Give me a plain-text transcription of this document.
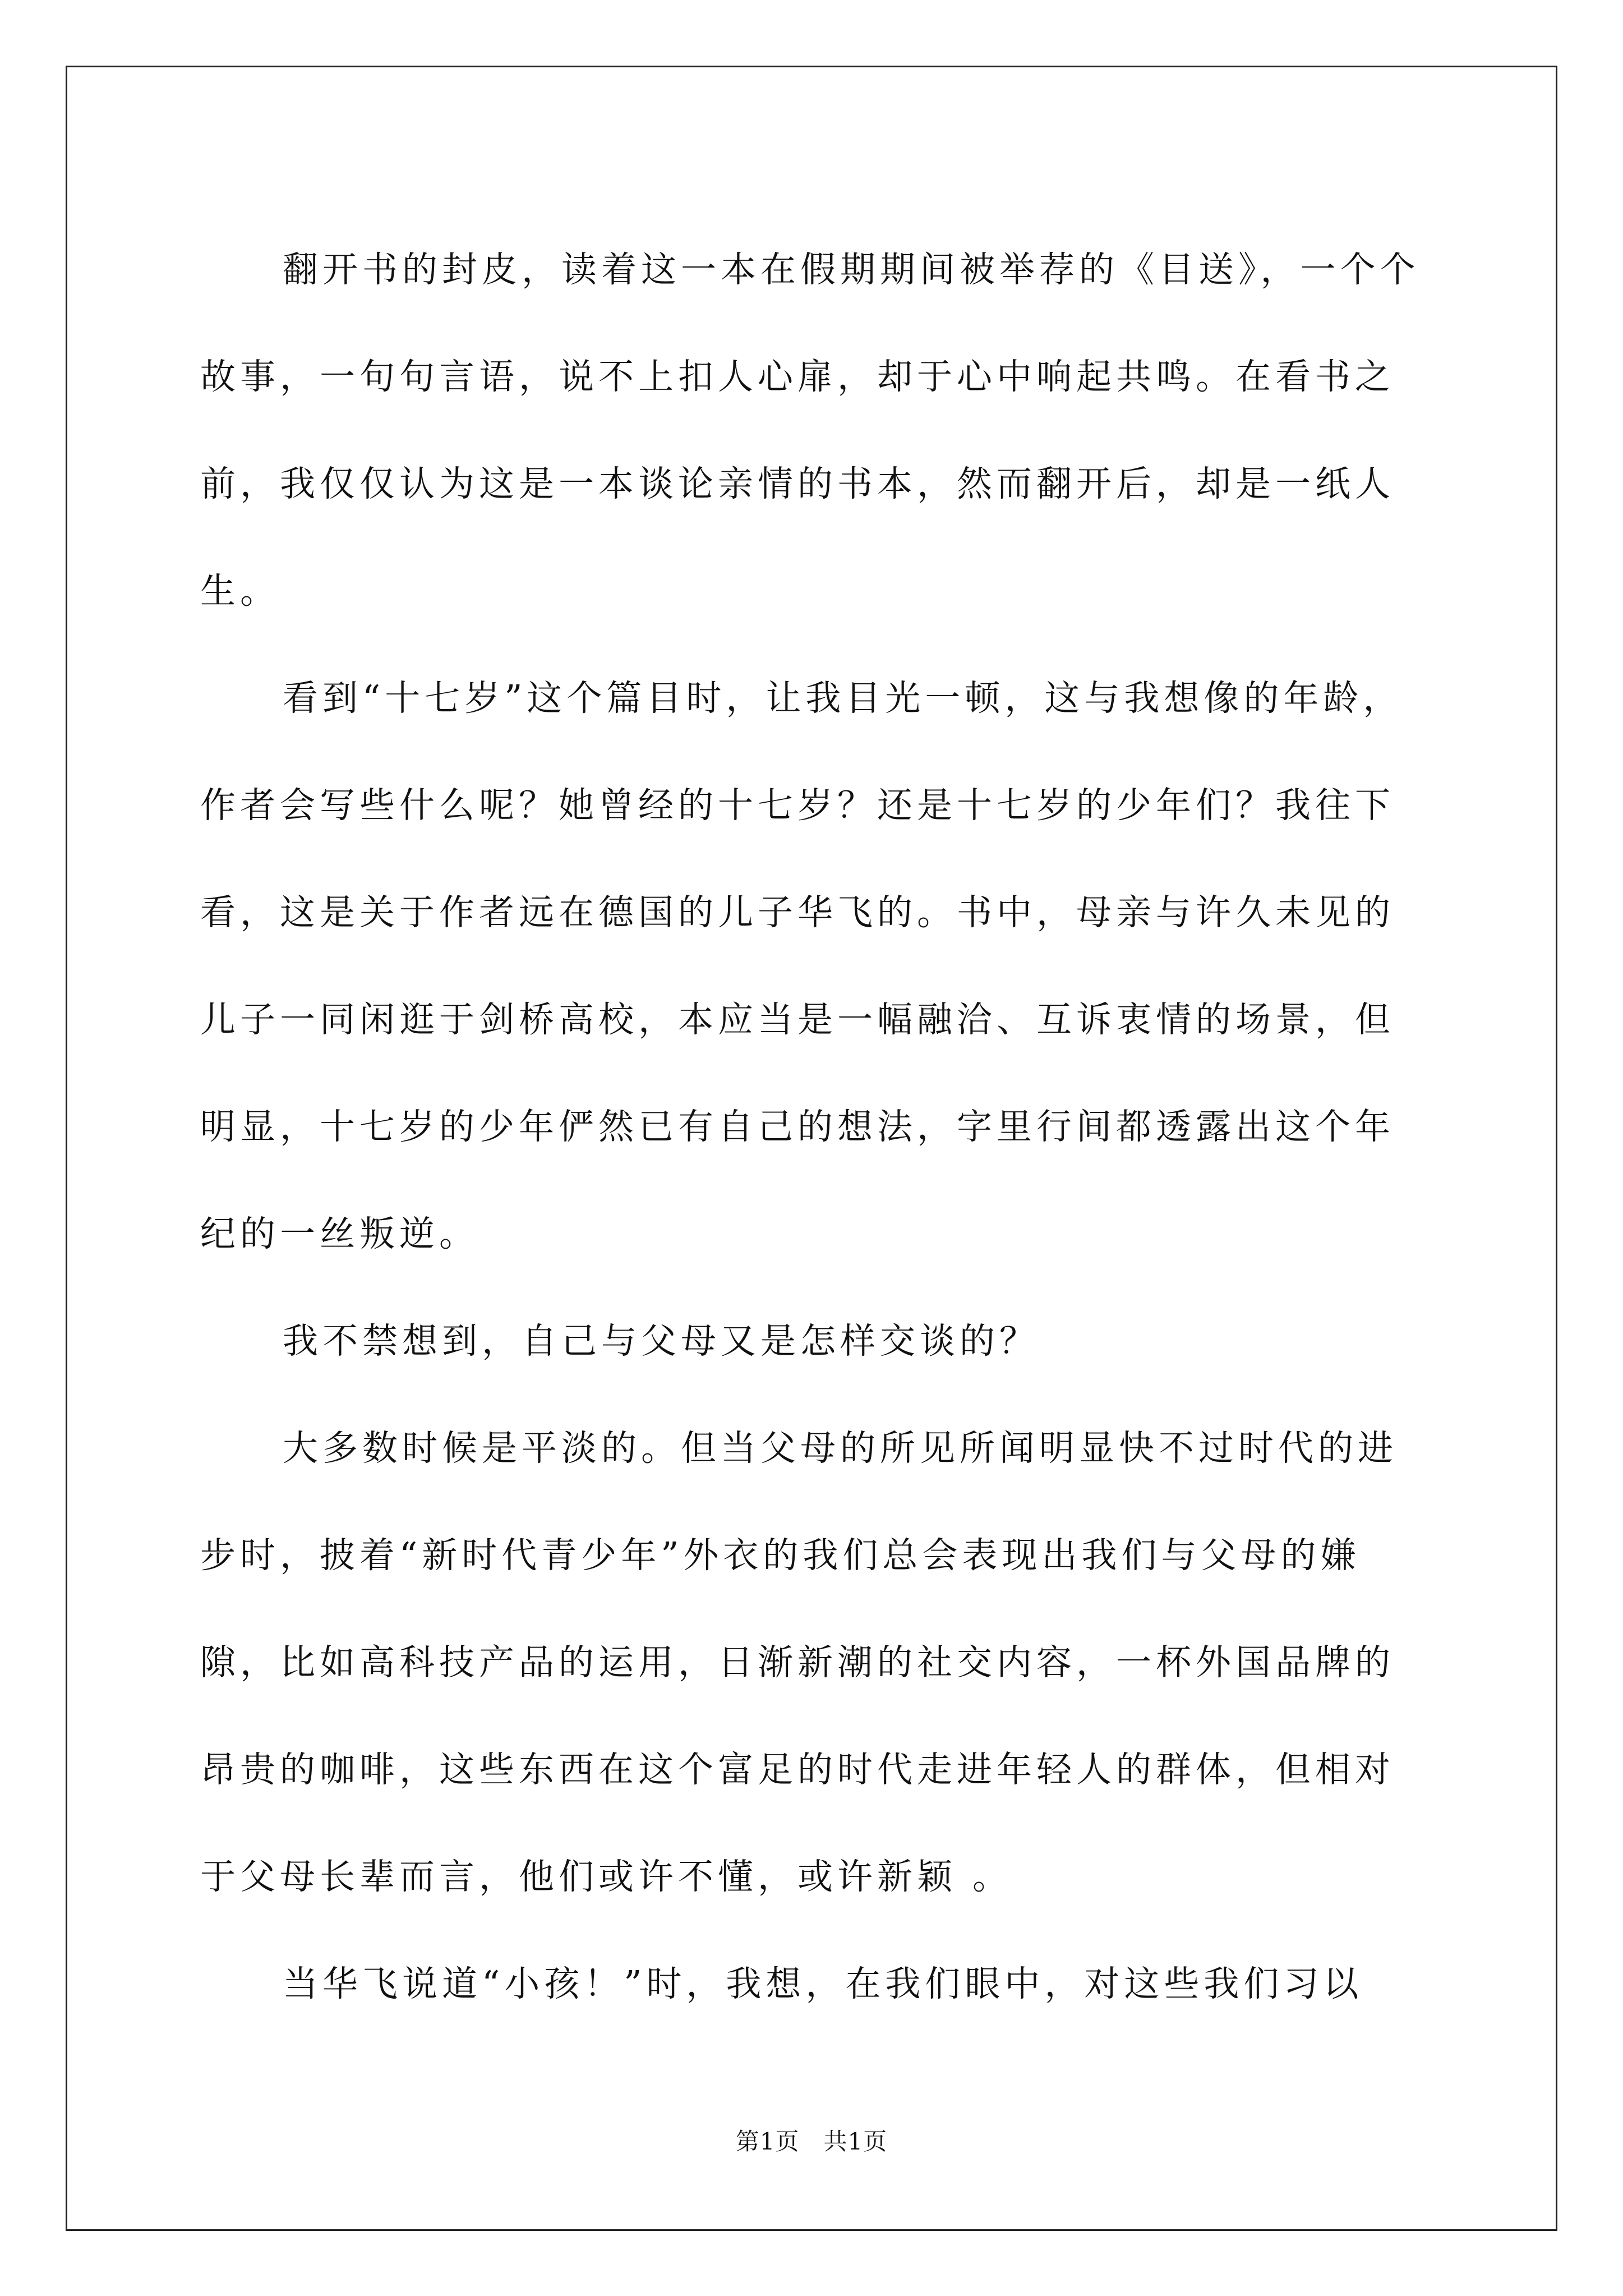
翻开书的封皮，读着这一本在假期期间被举荐的《目送》，一个个故事，一句句言语，说不上扣人心扉，却于心中响起共鸣。在看书之前，我仅仅认为这是一本谈论亲情的书本，然而翻开后，却是一纸人生。

看到“十七岁”这个篇目时，让我目光一顿，这与我想像的年龄，作者会写些什么呢？她曾经的十七岁？还是十七岁的少年们？我往下看，这是关于作者远在德国的儿子华飞的。书中，母亲与许久未见的儿子一同闲逛于剑桥高校，本应当是一幅融洽、互诉衷情的场景，但明显，十七岁的少年俨然已有自己的想法，字里行间都透露出这个年纪的一丝叛逆。

我不禁想到，自己与父母又是怎样交谈的？

大多数时候是平淡的。但当父母的所见所闻明显快不过时代的进步时，披着“新时代青少年”外衣的我们总会表现出我们与父母的嫌隙，比如高科技产品的运用，日渐新潮的社交内容，一杯外国品牌的昂贵的咖啡，这些东西在这个富足的时代走进年轻人的群体，但相对于父母长辈而言，他们或许不懂，或许新颖 。

当华飞说道“小孩！”时，我想，在我们眼中，对这些我们习以

第1页   共1页
